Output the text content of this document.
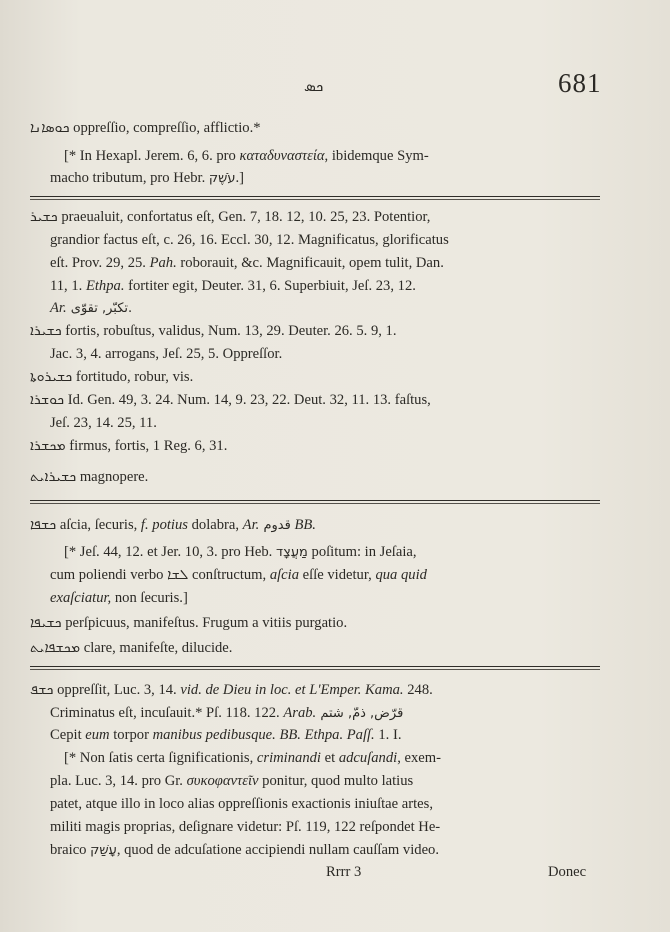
ܟܣ	681
ܟܘܣܐܢܐ oppreſſio, compreſſio, afflictio.*
[* In Hexapl. Jerem. 6, 6. pro καταδυναστεία, ibidemque Sym-
macho tributum, pro Hebr. עֹשֶׁק.]
ܟܫܝܪ praeualuit, confortatus eſt, Gen. 7, 18. 12, 10. 25, 23. Potentior,
grandior factus eſt, c. 26, 16. Eccl. 30, 12. Magnificatus, glorificatus
eſt. Prov. 29, 25. Pah. roborauit, &c. Magnificauit, opem tulit, Dan.
11, 1. Ethpa. fortiter egit, Deuter. 31, 6. Superbiuit, Jeſ. 23, 12.
Ar. تكبّر, تقوّى.
ܟܫܝܪܐ fortis, robuſtus, validus, Num. 13, 29. Deuter. 26. 5. 9, 1.
Jac. 3, 4. arrogans, Jeſ. 25, 5. Oppreſſor.
ܟܫܝܪܘܬܐ fortitudo, robur, vis.
ܟܘܫܪܐ Id. Gen. 49, 3. 24. Num. 14, 9. 23, 22. Deut. 32, 11. 13. faſtus,
Jeſ. 23, 14. 25, 11.
ܡܟܫܪܐ firmus, fortis, 1 Reg. 6, 31.
ܟܫܝܪܐܝܬ magnopere.
ܟܫܦܐ aſcia, ſecuris, f. potius dolabra, Ar. قدوم BB.
[* Jeſ. 44, 12. et Jer. 10, 3. pro Heb. מַעֲצָד poſitum: in Jeſaia,
cum poliendi verbo ܠܫܐ conſtructum, aſcia eſſe videtur, qua quid
exaſciatur, non ſecuris.]
ܟܫܝܦܐ perſpicuus, manifeſtus. Frugum a vitiis purgatio.
ܡܟܫܦܐܝܬ clare, manifeſte, dilucide.
ܟܫܦ oppreſſit, Luc. 3, 14. vid. de Dieu in loc. et L'Emper. Kama. 248.
Criminatus eſt, incuſauit.* Pſ. 118. 122. Arab. قرّض, ذمّ, شتم
Cepit eum torpor manibus pedibusque. BB. Ethpa. Paſſ. 1. I.
[* Non ſatis certa ſignificationis, criminandi et adcuſandi, exem-
pla. Luc. 3, 14. pro Gr. συκοφαντεῖν ponitur, quod multo latius
patet, atque illo in loco alias oppreſſionis exactionis iniuſtae artes,
militi magis proprias, deſignare videtur: Pſ. 119, 122 reſpondet He-
braico עָשַׁק, quod de adcuſatione accipiendi nullam cauſſam video.
Rrrr 3	Donec
